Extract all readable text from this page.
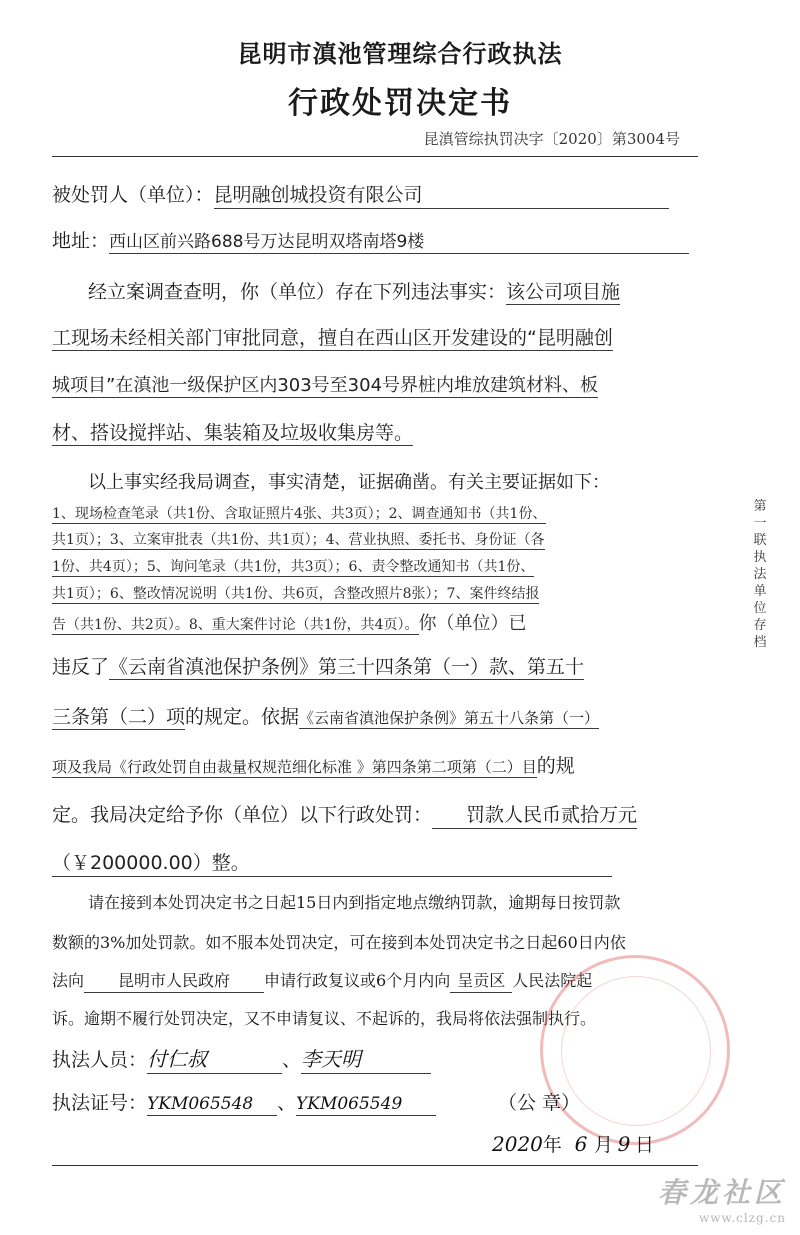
昆明市滇池管理综合行政执法
行政处罚决定书
昆滇管综执罚决字〔2020〕第3004号
被处罚人（单位）：昆明融创城投资有限公司
地址：西山区前兴路688号万达昆明双塔南塔9楼
经立案调查查明，你（单位）存在下列违法事实：该公司项目施
工现场未经相关部门审批同意，擅自在西山区开发建设的“昆明融创
城项目”在滇池一级保护区内303号至304号界桩内堆放建筑材料、板
材、搭设搅拌站、集装箱及垃圾收集房等。
以上事实经我局调查，事实清楚，证据确凿。有关主要证据如下：
1、现场检查笔录（共1份、含取证照片4张、共3页）；2、调查通知书（共1份、
共1页）；3、立案审批表（共1份、共1页）；4、营业执照、委托书、身份证（各
1份、共4页）；5、询问笔录（共1份，共3页）；6、责令整改通知书（共1份、
共1页）；6、整改情况说明（共1份、共6页，含整改照片8张）；7、案件终结报
告（共1份、共2页）。8、重大案件讨论（共1份，共4页）。你（单位）已
违反了《云南省滇池保护条例》第三十四条第（一）款、第五十
三条第（二）项的规定。依据《云南省滇池保护条例》第五十八条第（一）
项及我局《行政处罚自由裁量权规范细化标准 》第四条第二项第（二）目的规
定。我局决定给予你（单位）以下行政处罚： 罚款人民币贰拾万元
（￥200000.00）整。
请在接到本处罚决定书之日起15日内到指定地点缴纳罚款，逾期每日按罚款
数额的3%加处罚款。如不服本处罚决定，可在接到本处罚决定书之日起60日内依
法向 昆明市人民政府 申请行政复议或6个月内向 呈贡区 人民法院起
诉。逾期不履行处罚决定，又不申请复议、不起诉的，我局将依法强制执行。
执法人员：付仁叔	、李天明
执法证号：YKM065548 、YKM065549	（公 章）
2020年 6 月 9 日
第一联 执法单位存档
春龙社区
www.clzg.cn
